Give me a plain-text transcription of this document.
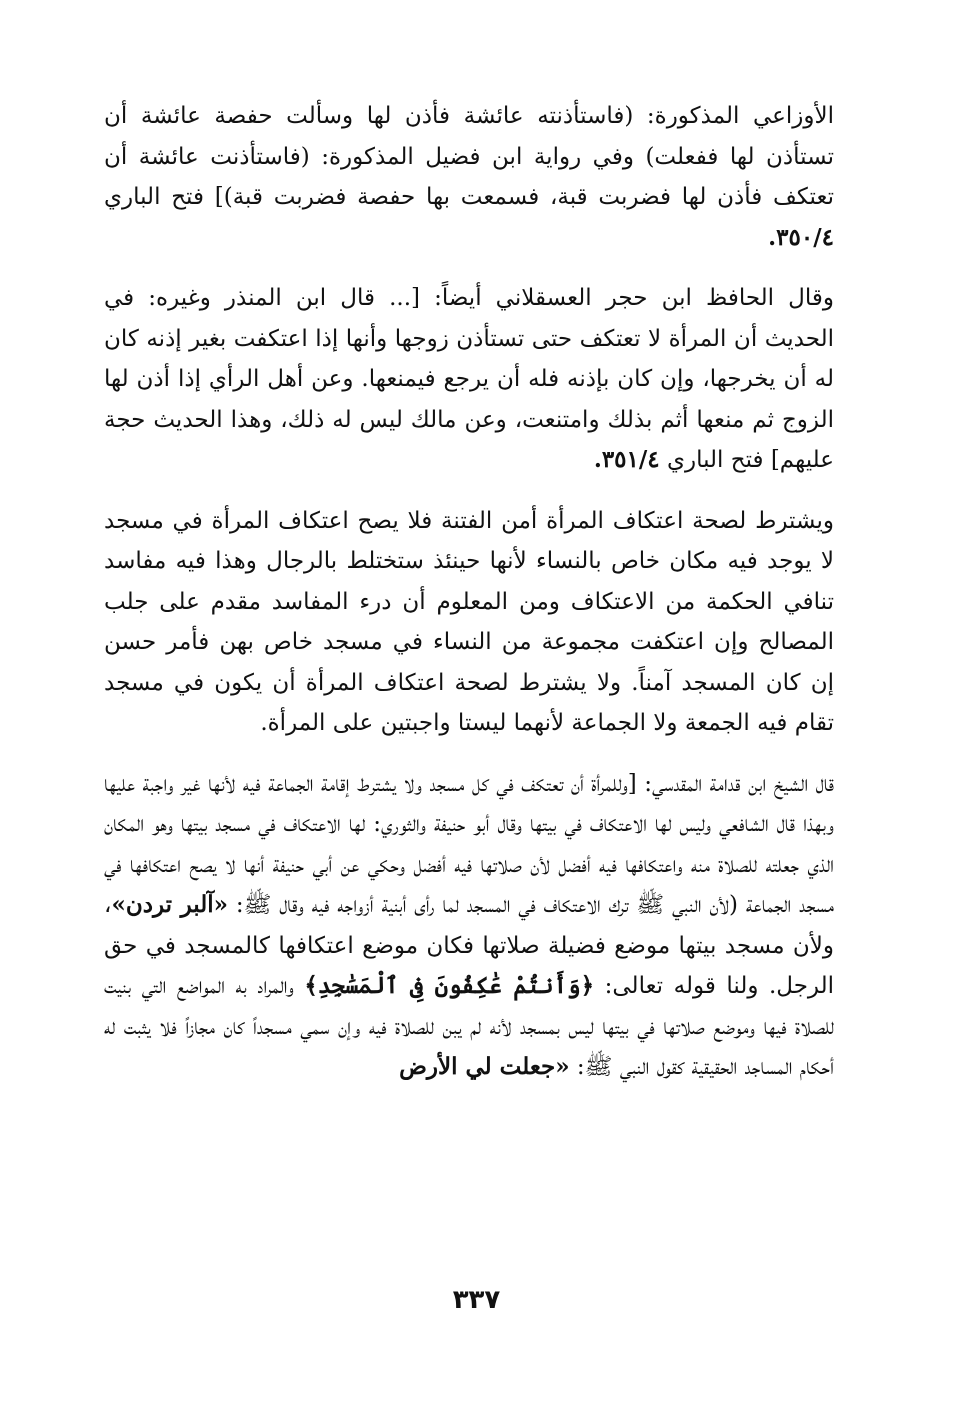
الأوزاعي المذكورة: (فاستأذنته عائشة فأذن لها وسألت حفصة عائشة أن تستأذن لها ففعلت) وفي رواية ابن فضيل المذكورة: (فاستأذنت عائشة أن تعتكف فأذن لها فضربت قبة، فسمعت بها حفصة فضربت قبة)] فتح الباري ٣٥٠/٤.

وقال الحافظ ابن حجر العسقلاني أيضاً: [... قال ابن المنذر وغيره: في الحديث أن المرأة لا تعتكف حتى تستأذن زوجها وأنها إذا اعتكفت بغير إذنه كان له أن يخرجها، وإن كان بإذنه فله أن يرجع فيمنعها. وعن أهل الرأي إذا أذن لها الزوج ثم منعها أثم بذلك وامتنعت، وعن مالك ليس له ذلك، وهذا الحديث حجة عليهم] فتح الباري ٣٥١/٤.

ويشترط لصحة اعتكاف المرأة أمن الفتنة فلا يصح اعتكاف المرأة في مسجد لا يوجد فيه مكان خاص بالنساء لأنها حينئذ ستختلط بالرجال وهذا فيه مفاسد تنافي الحكمة من الاعتكاف ومن المعلوم أن درء المفاسد مقدم على جلب المصالح وإن اعتكفت مجموعة من النساء في مسجد خاص بهن فأمر حسن إن كان المسجد آمناً. ولا يشترط لصحة اعتكاف المرأة أن يكون في مسجد تقام فيه الجمعة ولا الجماعة لأنهما ليستا واجبتين على المرأة.

قال الشيخ ابن قدامة المقدسي: [وللمرأة أن تعتكف في كل مسجد ولا يشترط إقامة الجماعة فيه لأنها غير واجبة عليها وبهذا قال الشافعي وليس لها الاعتكاف في بيتها وقال أبو حنيفة والثوري: لها الاعتكاف في مسجد بيتها وهو المكان الذي جعلته للصلاة منه واعتكافها فيه أفضل لأن صلاتها فيه أفضل وحكي عن أبي حنيفة أنها لا يصح اعتكافها في مسجد الجماعة (لأن النبي ﷺ ترك الاعتكاف في المسجد لما رأى أبنية أزواجه فيه وقال ﷺ: «آلبر تردن»، ولأن مسجد بيتها موضع فضيلة صلاتها فكان موضع اعتكافها كالمسجد في حق الرجل. ولنا قوله تعالى: ﴿وَأَنتُمْ عَٰكِفُونَ فِى ٱلْمَسَٰجِدِ﴾ والمراد به المواضع التي بنيت للصلاة فيها وموضع صلاتها في بيتها ليس بمسجد لأنه لم يبن للصلاة فيه وإن سمي مسجداً كان مجازاً فلا يثبت له أحكام المساجد الحقيقية كقول النبي ﷺ: «جعلت لي الأرض

٣٣٧
